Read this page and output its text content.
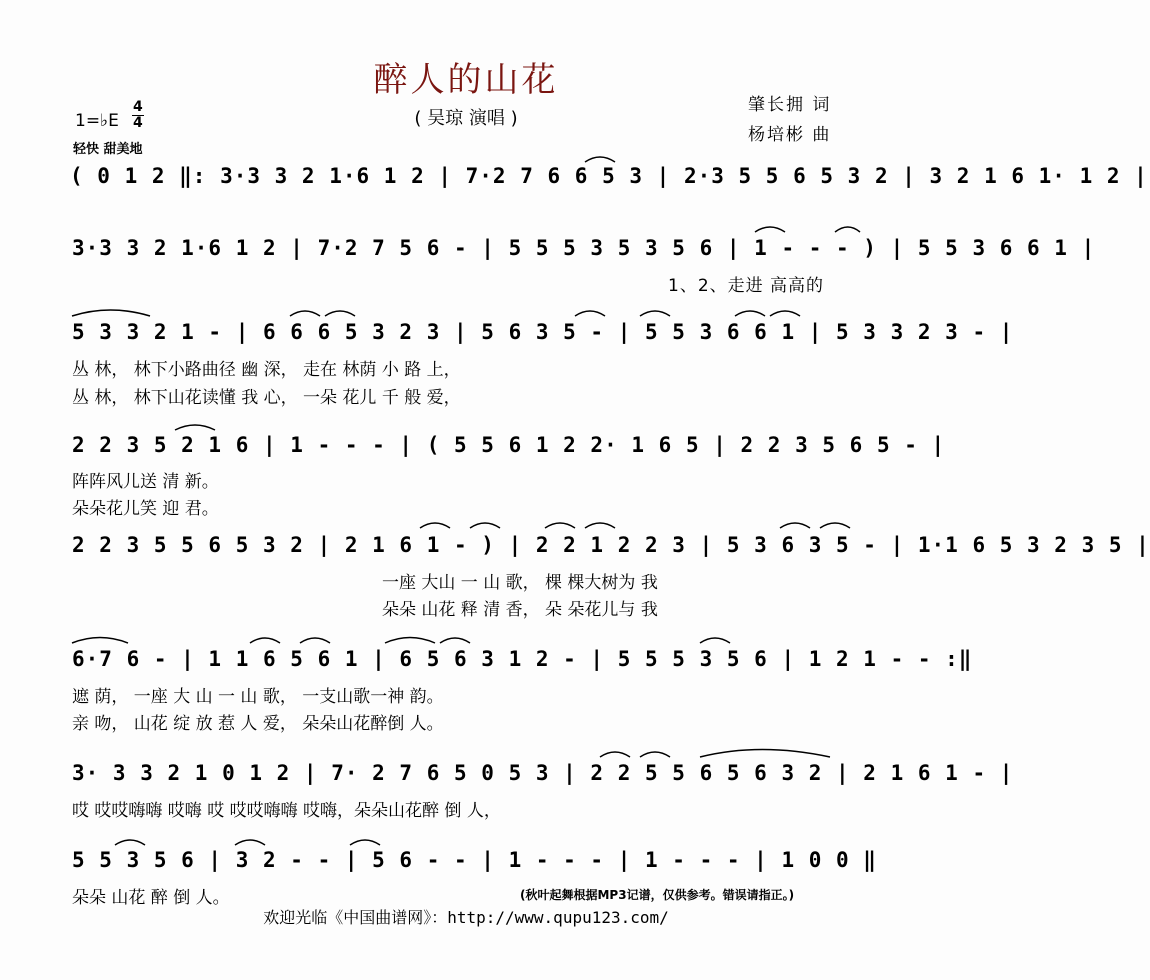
醉人的山花
( 吴琼 演唱 )
肇长拥 词
杨培彬 曲
1=♭E
4
4
轻快 甜美地
( 0 1 2 ‖: 3·3 3 2 1·6 1 2 | 7·2 7 6 6 5 3 | 2·3 5 5 6 5 3 2 | 3 2 1 6 1· 1 2 |
3·3 3 2 1·6 1 2 | 7·2 7 5 6 - | 5 5 5 3 5 3 5 6 | 1 - - - ) | 5 5 3 6 6 1 |
1、2、走进 高高的
5 3 3 2 1 - | 6 6 6 5 3 2 3 | 5 6 3 5 - | 5 5 3 6 6 1 | 5 3 3 2 3 - |
丛 林， 林下小路曲径 幽 深， 走在 林荫 小 路 上，
丛 林， 林下山花读懂 我 心， 一朵 花儿 千 般 爱，
2 2 3 5 2 1 6 | 1 - - - | ( 5 5 6 1 2 2· 1 6 5 | 2 2 3 5 6 5 - |
阵阵风儿送 清 新。
朵朵花儿笑 迎 君。
2 2 3 5 5 6 5 3 2 | 2 1 6 1 - ) | 2 2 1 2 2 3 | 5 3 6 3 5 - | 1·1 6 5 3 2 3 5 |
一座 大山 一 山 歌， 棵 棵大树为 我
朵朵 山花 释 清 香， 朵 朵花儿与 我
6·7 6 - | 1 1 6 5 6 1 | 6 5 6 3 1 2 - | 5 5 5 3 5 6 | 1 2 1 - - :‖
遮 荫， 一座 大 山 一 山 歌， 一支山歌一神 韵。
亲 吻， 山花 绽 放 惹 人 爱， 朵朵山花醉倒 人。
3· 3 3 2 1 0 1 2 | 7· 2 7 6 5 0 5 3 | 2 2 5 5 6 5 6 3 2 | 2 1 6 1 - |
哎 哎哎嗨嗨 哎嗨 哎 哎哎嗨嗨 哎嗨，朵朵山花醉 倒 人，
5 5 3 5 6 | 3 2 - - | 5 6 - - | 1 - - - | 1 - - - | 1 0 0 ‖
朵朵 山花 醉 倒 人。	(秋叶起舞根据MP3记谱，仅供参考。错误请指正。)
欢迎光临《中国曲谱网》：http://www.qupu123.com/
